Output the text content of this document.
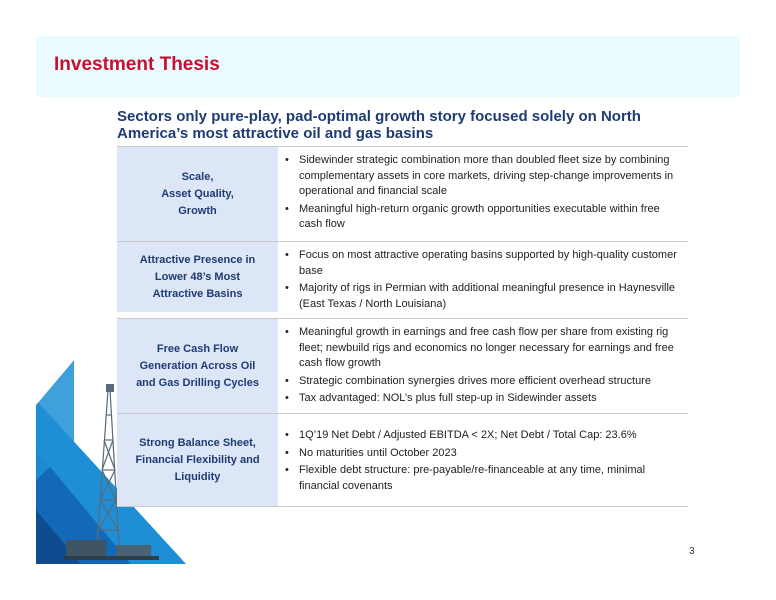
Investment Thesis
Sectors only pure-play, pad-optimal growth story focused solely on North America’s most attractive oil and gas basins
Scale,
Asset Quality,
Growth
• Sidewinder strategic combination more than doubled fleet size by combining complementary assets in core markets, driving step-change improvements in operational and financial scale
• Meaningful high-return organic growth opportunities executable within free cash flow
Attractive Presence in
Lower 48’s Most
Attractive Basins
• Focus on most attractive operating basins supported by high-quality customer base
• Majority of rigs in Permian with additional meaningful presence in Haynesville (East Texas / North Louisiana)
Free Cash Flow
Generation Across Oil
and Gas Drilling Cycles
• Meaningful growth in earnings and free cash flow per share from existing rig fleet; newbuild rigs and economics no longer necessary for earnings and free cash flow growth
• Strategic combination synergies drives more efficient overhead structure
• Tax advantaged: NOL’s plus full step-up in Sidewinder assets
Strong Balance Sheet,
Financial Flexibility and
Liquidity
• 1Q’19 Net Debt / Adjusted EBITDA < 2X; Net Debt / Total Cap: 23.6%
• No maturities until October 2023
• Flexible debt structure: pre-payable/re-financeable at any time, minimal financial covenants
3
